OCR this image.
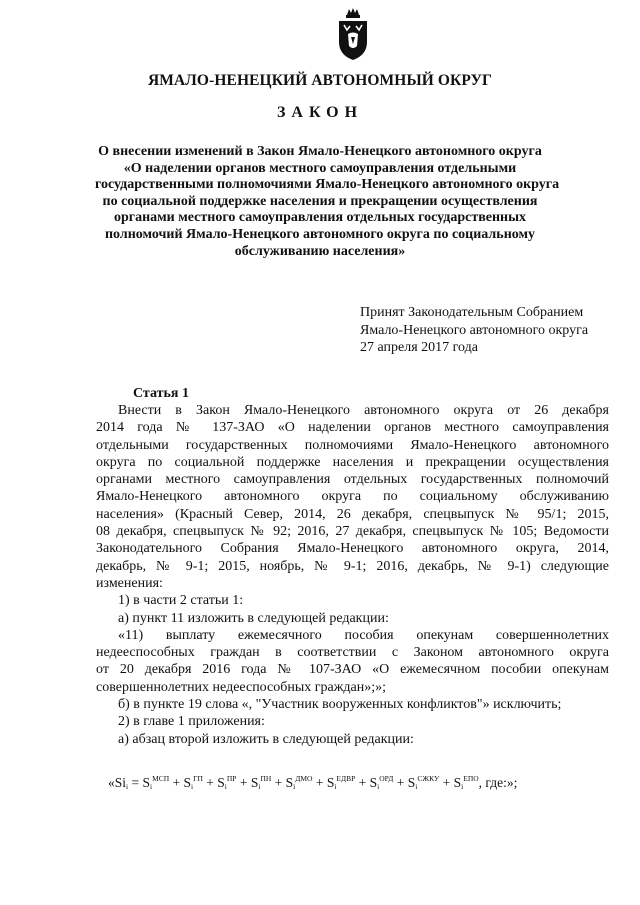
ЯМАЛО-НЕНЕЦКИЙ АВТОНОМНЫЙ ОКРУГ
ЗАКОН
О внесении изменений в Закон Ямало-Ненецкого автономного округа
«О наделении органов местного самоуправления отдельными
государственными полномочиями Ямало-Ненецкого автономного округа
по социальной поддержке населения и прекращении осуществления
органами местного самоуправления отдельных государственных
полномочий Ямало-Ненецкого автономного округа по социальному
обслуживанию населения»
Принят Законодательным Собранием
Ямало-Ненецкого автономного округа
27 апреля 2017 года
Статья 1
Внести в Закон Ямало-Ненецкого автономного округа от 26 декабря
2014 года № 137-ЗАО «О наделении органов местного самоуправления
отдельными государственных полномочиями Ямало-Ненецкого автономного
округа по социальной поддержке населения и прекращении осуществления
органами местного самоуправления отдельных государственных полномочий
Ямало-Ненецкого автономного округа по социальному обслуживанию
населения» (Красный Север, 2014, 26 декабря, спецвыпуск № 95/1; 2015,
08 декабря, спецвыпуск № 92; 2016, 27 декабря, спецвыпуск № 105; Ведомости
Законодательного Собрания Ямало-Ненецкого автономного округа, 2014,
декабрь, № 9-1; 2015, ноябрь, № 9-1; 2016, декабрь, № 9-1) следующие
изменения:
1) в части 2 статьи 1:
а) пункт 11 изложить в следующей редакции:
«11) выплату ежемесячного пособия опекунам совершеннолетних
недееспособных граждан в соответствии с Законом автономного округа
от 20 декабря 2016 года № 107-ЗАО «О ежемесячном пособии опекунам
совершеннолетних недееспособных граждан»;»;
б) в пункте 19 слова «, "Участник вооруженных конфликтов"» исключить;
2) в главе 1 приложения:
а) абзац второй изложить в следующей редакции:
«$Si_i = S_i^{МСП} + S_i^{ГП} + S_i^{ПР} + S_i^{ПН} + S_i^{ДМО} + S_i^{ЕДВР} + S_i^{ОРД} + S_i^{СЖКУ} + S_i^{ЕПО}$, где:»;
